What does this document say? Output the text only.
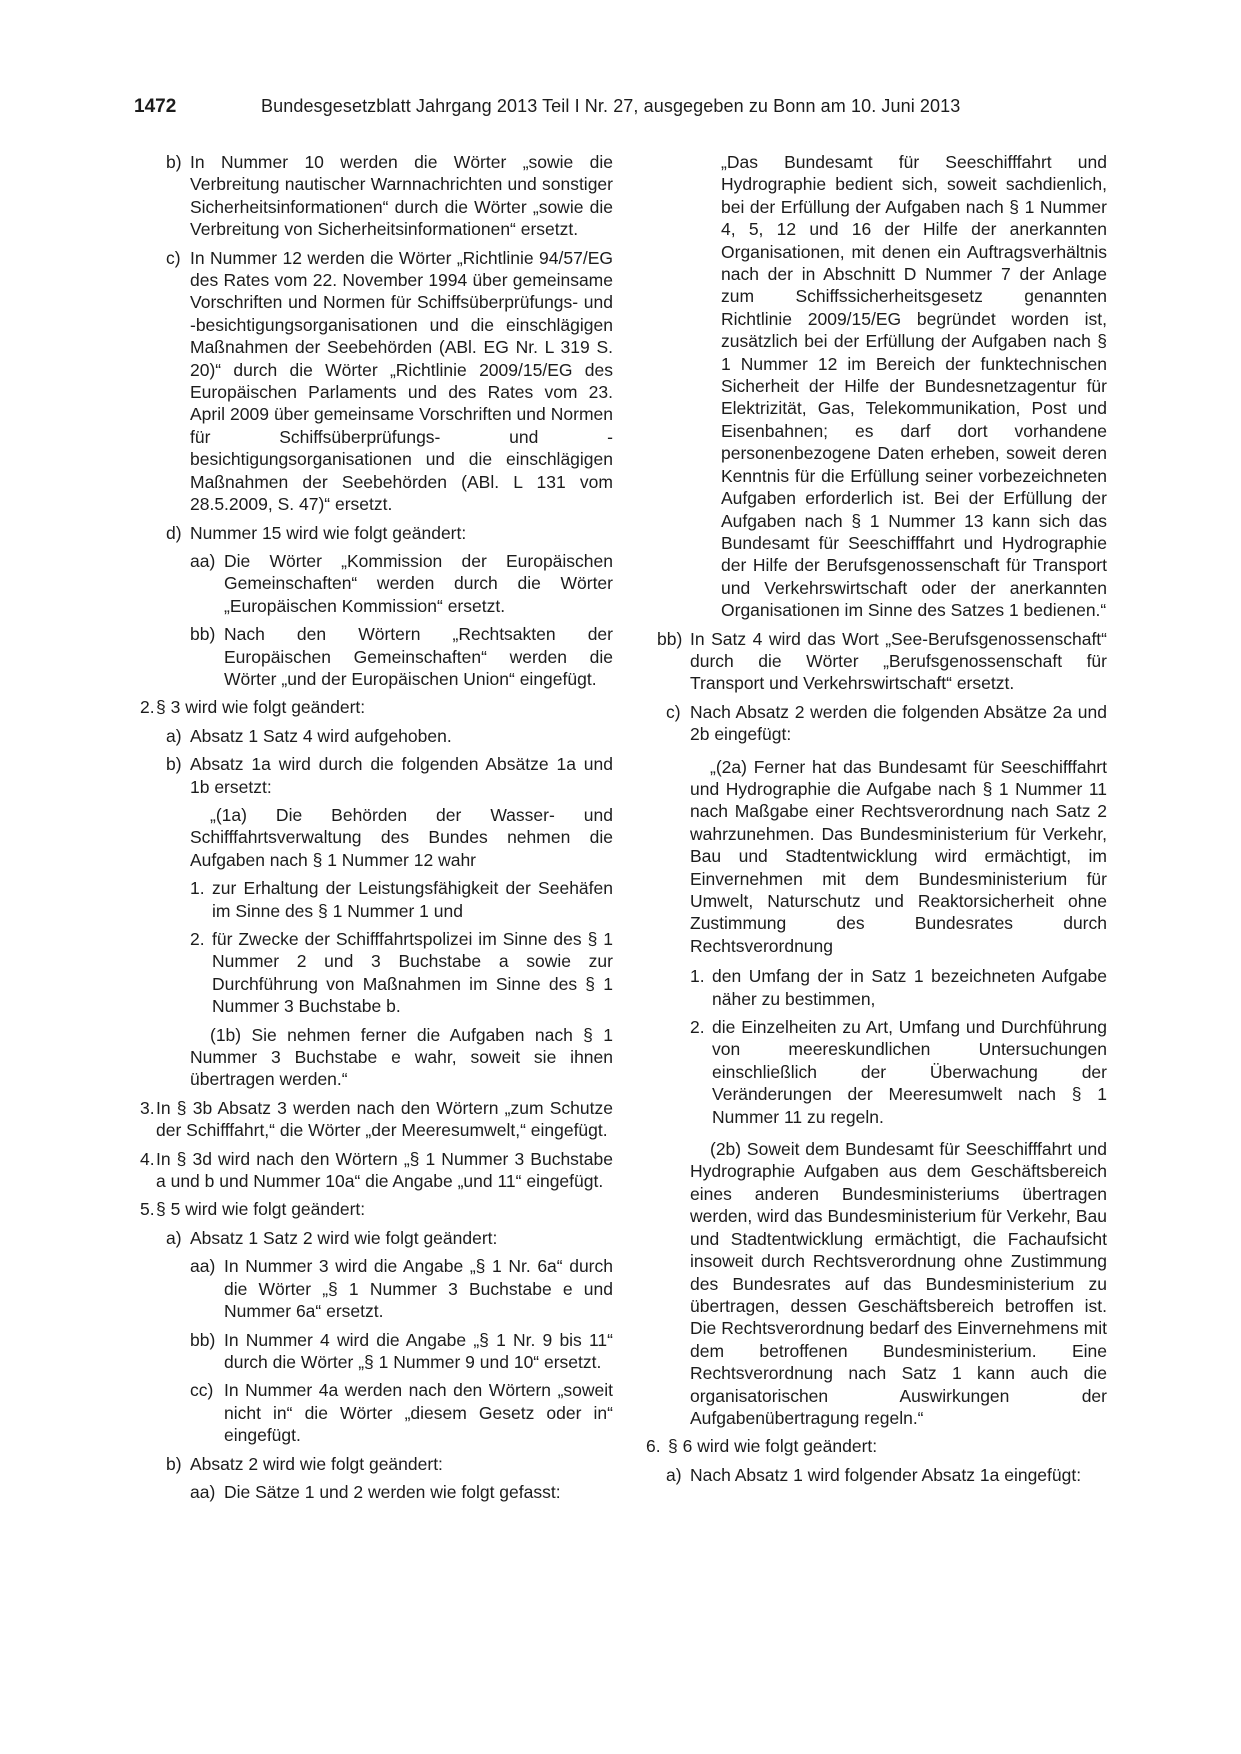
1472	Bundesgesetzblatt Jahrgang 2013 Teil I Nr. 27, ausgegeben zu Bonn am 10. Juni 2013
b) In Nummer 10 werden die Wörter „sowie die Verbreitung nautischer Warnnachrichten und sonstiger Sicherheitsinformationen“ durch die Wörter „sowie die Verbreitung von Sicherheitsinformationen“ ersetzt.
c) In Nummer 12 werden die Wörter „Richtlinie 94/57/EG des Rates vom 22. November 1994 über gemeinsame Vorschriften und Normen für Schiffsüberprüfungs- und -besichtigungsorganisationen und die einschlägigen Maßnahmen der Seebehörden (ABl. EG Nr. L 319 S. 20)“ durch die Wörter „Richtlinie 2009/15/EG des Europäischen Parlaments und des Rates vom 23. April 2009 über gemeinsame Vorschriften und Normen für Schiffsüberprüfungs- und -besichtigungsorganisationen und die einschlägigen Maßnahmen der Seebehörden (ABl. L 131 vom 28.5.2009, S. 47)“ ersetzt.
d) Nummer 15 wird wie folgt geändert:
aa) Die Wörter „Kommission der Europäischen Gemeinschaften“ werden durch die Wörter „Europäischen Kommission“ ersetzt.
bb) Nach den Wörtern „Rechtsakten der Europäischen Gemeinschaften“ werden die Wörter „und der Europäischen Union“ eingefügt.
2. § 3 wird wie folgt geändert:
a) Absatz 1 Satz 4 wird aufgehoben.
b) Absatz 1a wird durch die folgenden Absätze 1a und 1b ersetzt:
„(1a) Die Behörden der Wasser- und Schifffahrtsverwaltung des Bundes nehmen die Aufgaben nach § 1 Nummer 12 wahr
1. zur Erhaltung der Leistungsfähigkeit der Seehäfen im Sinne des § 1 Nummer 1 und
2. für Zwecke der Schifffahrtspolizei im Sinne des § 1 Nummer 2 und 3 Buchstabe a sowie zur Durchführung von Maßnahmen im Sinne des § 1 Nummer 3 Buchstabe b.
(1b) Sie nehmen ferner die Aufgaben nach § 1 Nummer 3 Buchstabe e wahr, soweit sie ihnen übertragen werden.“
3. In § 3b Absatz 3 werden nach den Wörtern „zum Schutze der Schifffahrt,“ die Wörter „der Meeresumwelt,“ eingefügt.
4. In § 3d wird nach den Wörtern „§ 1 Nummer 3 Buchstabe a und b und Nummer 10a“ die Angabe „und 11“ eingefügt.
5. § 5 wird wie folgt geändert:
a) Absatz 1 Satz 2 wird wie folgt geändert:
aa) In Nummer 3 wird die Angabe „§ 1 Nr. 6a“ durch die Wörter „§ 1 Nummer 3 Buchstabe e und Nummer 6a“ ersetzt.
bb) In Nummer 4 wird die Angabe „§ 1 Nr. 9 bis 11“ durch die Wörter „§ 1 Nummer 9 und 10“ ersetzt.
cc) In Nummer 4a werden nach den Wörtern „soweit nicht in“ die Wörter „diesem Gesetz oder in“ eingefügt.
b) Absatz 2 wird wie folgt geändert:
aa) Die Sätze 1 und 2 werden wie folgt gefasst:
„Das Bundesamt für Seeschifffahrt und Hydrographie bedient sich, soweit sachdienlich, bei der Erfüllung der Aufgaben nach § 1 Nummer 4, 5, 12 und 16 der Hilfe der anerkannten Organisationen, mit denen ein Auftragsverhältnis nach der in Abschnitt D Nummer 7 der Anlage zum Schiffssicherheitsgesetz genannten Richtlinie 2009/15/EG begründet worden ist, zusätzlich bei der Erfüllung der Aufgaben nach § 1 Nummer 12 im Bereich der funktechnischen Sicherheit der Hilfe der Bundesnetzagentur für Elektrizität, Gas, Telekommunikation, Post und Eisenbahnen; es darf dort vorhandene personenbezogene Daten erheben, soweit deren Kenntnis für die Erfüllung seiner vorbezeichneten Aufgaben erforderlich ist. Bei der Erfüllung der Aufgaben nach § 1 Nummer 13 kann sich das Bundesamt für Seeschifffahrt und Hydrographie der Hilfe der Berufsgenossenschaft für Transport und Verkehrswirtschaft oder der anerkannten Organisationen im Sinne des Satzes 1 bedienen.“
bb) In Satz 4 wird das Wort „See-Berufsgenossenschaft“ durch die Wörter „Berufsgenossenschaft für Transport und Verkehrswirtschaft“ ersetzt.
c) Nach Absatz 2 werden die folgenden Absätze 2a und 2b eingefügt:
„(2a) Ferner hat das Bundesamt für Seeschifffahrt und Hydrographie die Aufgabe nach § 1 Nummer 11 nach Maßgabe einer Rechtsverordnung nach Satz 2 wahrzunehmen. Das Bundesministerium für Verkehr, Bau und Stadtentwicklung wird ermächtigt, im Einvernehmen mit dem Bundesministerium für Umwelt, Naturschutz und Reaktorsicherheit ohne Zustimmung des Bundesrates durch Rechtsverordnung
1. den Umfang der in Satz 1 bezeichneten Aufgabe näher zu bestimmen,
2. die Einzelheiten zu Art, Umfang und Durchführung von meereskundlichen Untersuchungen einschließlich der Überwachung der Veränderungen der Meeresumwelt nach § 1 Nummer 11 zu regeln.
(2b) Soweit dem Bundesamt für Seeschifffahrt und Hydrographie Aufgaben aus dem Geschäftsbereich eines anderen Bundesministeriums übertragen werden, wird das Bundesministerium für Verkehr, Bau und Stadtentwicklung ermächtigt, die Fachaufsicht insoweit durch Rechtsverordnung ohne Zustimmung des Bundesrates auf das Bundesministerium zu übertragen, dessen Geschäftsbereich betroffen ist. Die Rechtsverordnung bedarf des Einvernehmens mit dem betroffenen Bundesministerium. Eine Rechtsverordnung nach Satz 1 kann auch die organisatorischen Auswirkungen der Aufgabenübertragung regeln.“
6. § 6 wird wie folgt geändert:
a) Nach Absatz 1 wird folgender Absatz 1a eingefügt:
